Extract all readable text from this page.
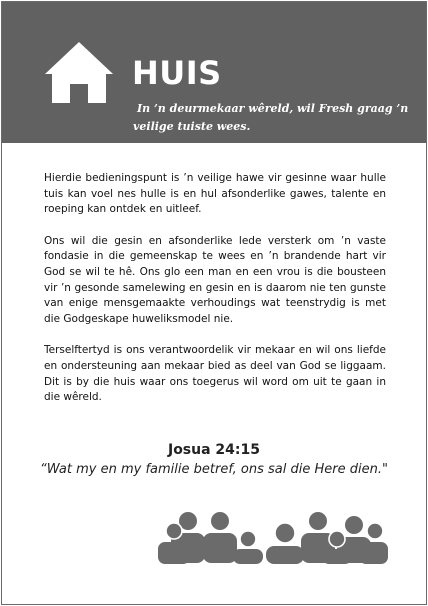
HUIS
In ’n deurmekaar wêreld, wil Fresh graag ’n veilige tuiste wees.

Hierdie bedieningspunt is ’n veilige hawe vir gesinne waar hulle tuis kan voel nes hulle is en hul afsonderlike gawes, talente en roeping kan ontdek en uitleef.

Ons wil die gesin en afsonderlike lede versterk om ’n vaste fondasie in die gemeenskap te wees en ’n brandende hart vir God se wil te hê. Ons glo een man en een vrou is die bousteen vir ’n gesonde samelewing en gesin en is daarom nie ten gunste van enige mensgemaakte verhoudings wat teenstrydig is met die Godgeskape huweliksmodel nie.

Terselftertyd is ons verantwoordelik vir mekaar en wil ons liefde en ondersteuning aan mekaar bied as deel van God se liggaam. Dit is by die huis waar ons toegerus wil word om uit te gaan in die wêreld.

Josua 24:15
“Wat my en my familie betref, ons sal die Here dien."
